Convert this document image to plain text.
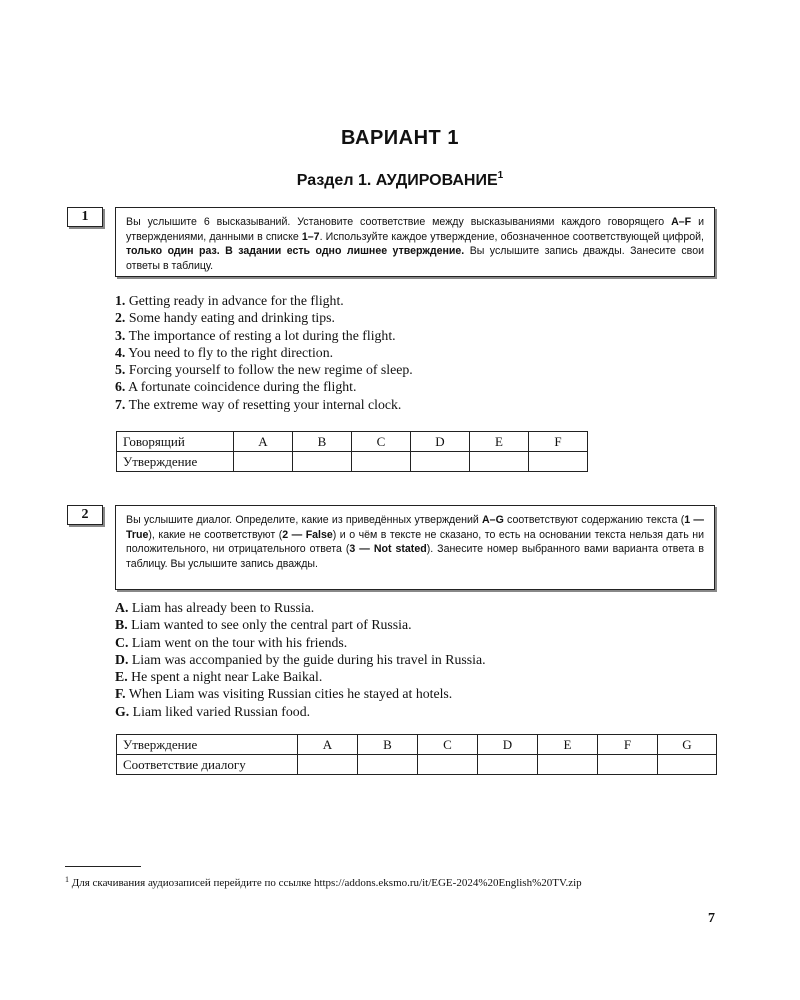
ВАРИАНТ 1
Раздел 1. АУДИРОВАНИЕ$^1$
1	Вы услышите 6 высказываний. Установите соответствие между высказываниями каждого говорящего A–F и утверждениями, данными в списке 1–7. Используйте каждое утверждение, обозначенное соответствующей цифрой, только один раз. В задании есть одно лишнее утверждение. Вы услышите запись дважды. Занесите свои ответы в таблицу.
1. Getting ready in advance for the flight.
2. Some handy eating and drinking tips.
3. The importance of resting a lot during the flight.
4. You need to fly to the right direction.
5. Forcing yourself to follow the new regime of sleep.
6. A fortunate coincidence during the flight.
7. The extreme way of resetting your internal clock.
Говорящий	A	B	C	D	E	F
Утверждение						
2	Вы услышите диалог. Определите, какие из приведённых утверждений A–G соответствуют содержанию текста (1 — True), какие не соответствуют (2 — False) и о чём в тексте не сказано, то есть на основании текста нельзя дать ни положительного, ни отрицательного ответа (3 — Not stated). Занесите номер выбранного вами варианта ответа в таблицу. Вы услышите запись дважды.
A. Liam has already been to Russia.
B. Liam wanted to see only the central part of Russia.
C. Liam went on the tour with his friends.
D. Liam was accompanied by the guide during his travel in Russia.
E. He spent a night near Lake Baikal.
F. When Liam was visiting Russian cities he stayed at hotels.
G. Liam liked varied Russian food.
Утверждение	A	B	C	D	E	F	G
Соответствие диалогу							
$^1$ Для скачивания аудиозаписей перейдите по ссылке https://addons.eksmo.ru/it/EGE-2024%20English%20TV.zip
7
